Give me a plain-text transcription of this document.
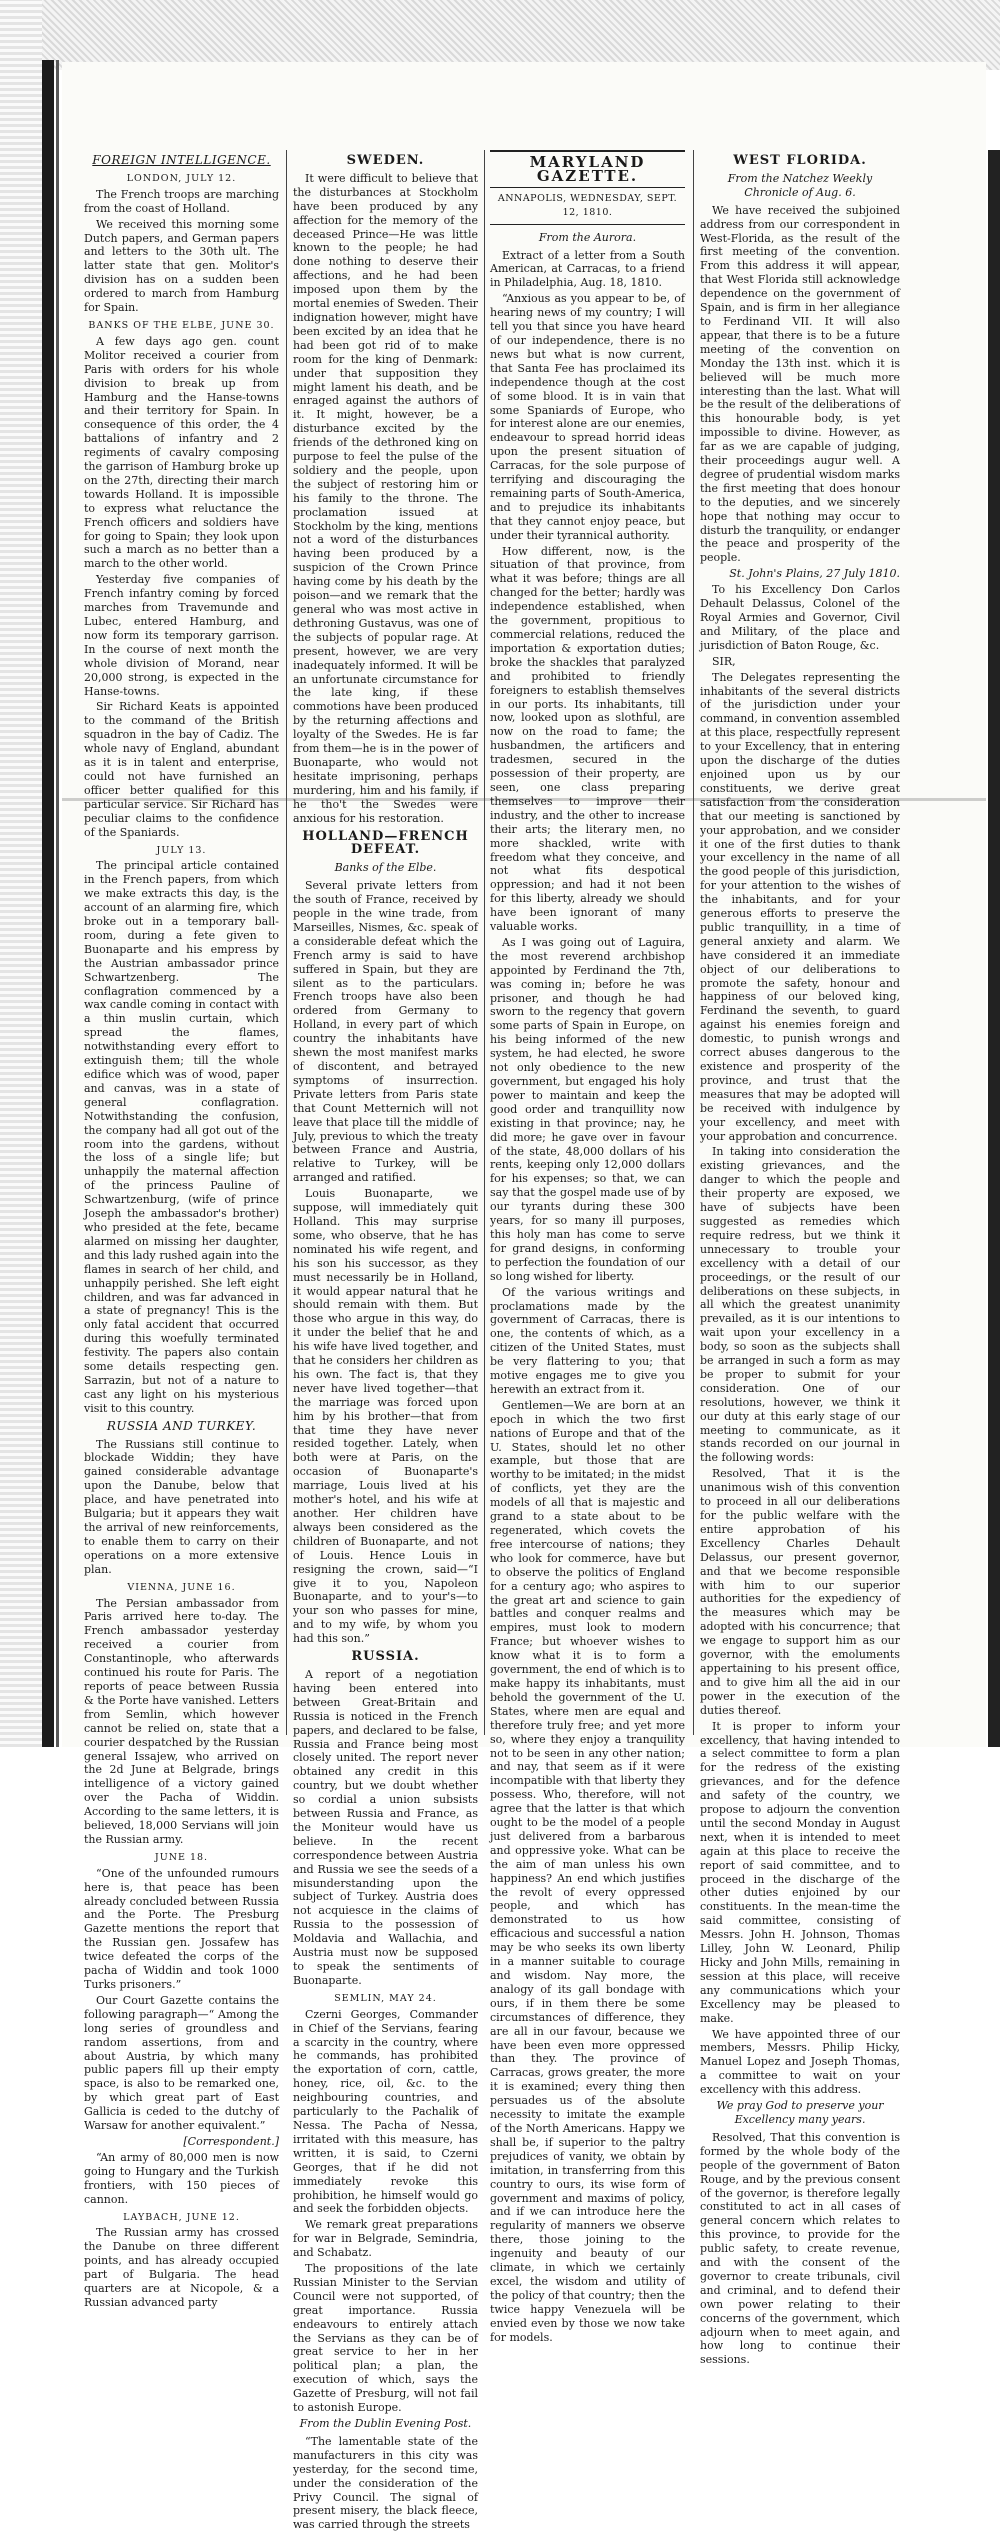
FOREIGN INTELLIGENCE.

LONDON, JULY 12.

The French troops are marching from the coast of Holland.

We received this morning some Dutch papers, and German papers and letters to the 30th ult. The latter state that gen. Molitor's division has on a sudden been ordered to march from Hamburg for Spain.

BANKS OF THE ELBE, JUNE 30.

A few days ago gen. count Molitor received a courier from Paris with orders for his whole division to break up from Hamburg and the Hanse-towns and their territory for Spain. In consequence of this order, the 4 battalions of infantry and 2 regiments of cavalry composing the garrison of Hamburg broke up on the 27th, directing their march towards Holland. It is impossible to express what reluctance the French officers and soldiers have for going to Spain; they look upon such a march as no better than a march to the other world.

Yesterday five companies of French infantry coming by forced marches from Travemunde and Lubec, entered Hamburg, and now form its temporary garrison. In the course of next month the whole division of Morand, near 20,000 strong, is expected in the Hanse-towns.

Sir Richard Keats is appointed to the command of the British squadron in the bay of Cadiz. The whole navy of England, abundant as it is in talent and enterprise, could not have furnished an officer better qualified for this particular service. Sir Richard has peculiar claims to the confidence of the Spaniards.

JULY 13.

The principal article contained in the French papers, from which we make extracts this day, is the account of an alarming fire, which broke out in a temporary ball-room, during a fete given to Buonaparte and his empress by the Austrian ambassador prince Schwartzenberg. The conflagration commenced by a wax candle coming in contact with a thin muslin curtain, which spread the flames, notwithstanding every effort to extinguish them; till the whole edifice which was of wood, paper and canvas, was in a state of general conflagration. Notwithstanding the confusion, the company had all got out of the room into the gardens, without the loss of a single life; but unhappily the maternal affection of the princess Pauline of Schwartzenburg, (wife of prince Joseph the ambassador's brother) who presided at the fete, became alarmed on missing her daughter, and this lady rushed again into the flames in search of her child, and unhappily perished. She left eight children, and was far advanced in a state of pregnancy! This is the only fatal accident that occurred during this woefully terminated festivity. The papers also contain some details respecting gen. Sarrazin, but not of a nature to cast any light on his mysterious visit to this country.

RUSSIA AND TURKEY.

The Russians still continue to blockade Widdin; they have gained considerable advantage upon the Danube, below that place, and have penetrated into Bulgaria; but it appears they wait the arrival of new reinforcements, to enable them to carry on their operations on a more extensive plan.

VIENNA, JUNE 16.

The Persian ambassador from Paris arrived here to-day. The French ambassador yesterday received a courier from Constantinople, who afterwards continued his route for Paris. The reports of peace between Russia & the Porte have vanished. Letters from Semlin, which however cannot be relied on, state that a courier despatched by the Russian general Issajew, who arrived on the 2d June at Belgrade, brings intelligence of a victory gained over the Pacha of Widdin. According to the same letters, it is believed, 18,000 Servians will join the Russian army.

JUNE 18.

“One of the unfounded rumours here is, that peace has been already concluded between Russia and the Porte. The Presburg Gazette mentions the report that the Russian gen. Jossafew has twice defeated the corps of the pacha of Widdin and took 1000 Turks prisoners.”

Our Court Gazette contains the following paragraph—“ Among the long series of groundless and random assertions, from and about Austria, by which many public papers fill up their empty space, is also to be remarked one, by which great part of East Gallicia is ceded to the dutchy of Warsaw for another equivalent.”

[Correspondent.]

“An army of 80,000 men is now going to Hungary and the Turkish frontiers, with 150 pieces of cannon.

LAYBACH, JUNE 12.

The Russian army has crossed the Danube on three different points, and has already occupied part of Bulgaria. The head quarters are at Nicopole, & a Russian advanced party

SWEDEN.

It were difficult to believe that the disturbances at Stockholm have been produced by any affection for the memory of the deceased Prince—He was little known to the people; he had done nothing to deserve their affections, and he had been imposed upon them by the mortal enemies of Sweden. Their indignation however, might have been excited by an idea that he had been got rid of to make room for the king of Denmark: under that supposition they might lament his death, and be enraged against the authors of it. It might, however, be a disturbance excited by the friends of the dethroned king on purpose to feel the pulse of the soldiery and the people, upon the subject of restoring him or his family to the throne. The proclamation issued at Stockholm by the king, mentions not a word of the disturbances having been produced by a suspicion of the Crown Prince having come by his death by the poison—and we remark that the general who was most active in dethroning Gustavus, was one of the subjects of popular rage. At present, however, we are very inadequately informed. It will be an unfortunate circumstance for the late king, if these commotions have been produced by the returning affections and loyalty of the Swedes. He is far from them—he is in the power of Buonaparte, who would not hesitate imprisoning, perhaps murdering, him and his family, if he tho't the Swedes were anxious for his restoration.

HOLLAND—FRENCH DEFEAT.

Banks of the Elbe.

Several private letters from the south of France, received by people in the wine trade, from Marseilles, Nismes, &c. speak of a considerable defeat which the French army is said to have suffered in Spain, but they are silent as to the particulars. French troops have also been ordered from Germany to Holland, in every part of which country the inhabitants have shewn the most manifest marks of discontent, and betrayed symptoms of insurrection. Private letters from Paris state that Count Metternich will not leave that place till the middle of July, previous to which the treaty between France and Austria, relative to Turkey, will be arranged and ratified.

Louis Buonaparte, we suppose, will immediately quit Holland. This may surprise some, who observe, that he has nominated his wife regent, and his son his successor, as they must necessarily be in Holland, it would appear natural that he should remain with them. But those who argue in this way, do it under the belief that he and his wife have lived together, and that he considers her children as his own. The fact is, that they never have lived together—that the marriage was forced upon him by his brother—that from that time they have never resided together. Lately, when both were at Paris, on the occasion of Buonaparte's marriage, Louis lived at his mother's hotel, and his wife at another. Her children have always been considered as the children of Buonaparte, and not of Louis. Hence Louis in resigning the crown, said—“I give it to you, Napoleon Buonaparte, and to your's—to your son who passes for mine, and to my wife, by whom you had this son.”

RUSSIA.

A report of a negotiation having been entered into between Great-Britain and Russia is noticed in the French papers, and declared to be false, Russia and France being most closely united. The report never obtained any credit in this country, but we doubt whether so cordial a union subsists between Russia and France, as the Moniteur would have us believe. In the recent correspondence between Austria and Russia we see the seeds of a misunderstanding upon the subject of Turkey. Austria does not acquiesce in the claims of Russia to the possession of Moldavia and Wallachia, and Austria must now be supposed to speak the sentiments of Buonaparte.

SEMLIN, MAY 24.

Czerni Georges, Commander in Chief of the Servians, fearing a scarcity in the country, where he commands, has prohibited the exportation of corn, cattle, honey, rice, oil, &c. to the neighbouring countries, and particularly to the Pachalik of Nessa. The Pacha of Nessa, irritated with this measure, has written, it is said, to Czerni Georges, that if he did not immediately revoke this prohibition, he himself would go and seek the forbidden objects.

We remark great preparations for war in Belgrade, Semindria, and Schabatz.

The propositions of the late Russian Minister to the Servian Council were not supported, of great importance. Russia endeavours to entirely attach the Servians as they can be of great service to her in her political plan; a plan, the execution of which, says the Gazette of Presburg, will not fail to astonish Europe.

From the Dublin Evening Post.

“The lamentable state of the manufacturers in this city was yesterday, for the second time, under the consideration of the Privy Council. The signal of present misery, the black fleece, was carried through the streets

MARYLAND GAZETTE.

ANNAPOLIS, WEDNESDAY, SEPT. 12, 1810.

From the Aurora.

Extract of a letter from a South American, at Carracas, to a friend in Philadelphia, Aug. 18, 1810.

“Anxious as you appear to be, of hearing news of my country; I will tell you that since you have heard of our independence, there is no news but what is now current, that Santa Fee has proclaimed its independence though at the cost of some blood. It is in vain that some Spaniards of Europe, who for interest alone are our enemies, endeavour to spread horrid ideas upon the present situation of Carracas, for the sole purpose of terrifying and discouraging the remaining parts of South-America, and to prejudice its inhabitants that they cannot enjoy peace, but under their tyrannical authority.

How different, now, is the situation of that province, from what it was before; things are all changed for the better; hardly was independence established, when the government, propitious to commercial relations, reduced the importation & exportation duties; broke the shackles that paralyzed and prohibited to friendly foreigners to establish themselves in our ports. Its inhabitants, till now, looked upon as slothful, are now on the road to fame; the husbandmen, the artificers and tradesmen, secured in the possession of their property, are seen, one class preparing themselves to improve their industry, and the other to increase their arts; the literary men, no more shackled, write with freedom what they conceive, and not what fits despotical oppression; and had it not been for this liberty, already we should have been ignorant of many valuable works.

As I was going out of Laguira, the most reverend archbishop appointed by Ferdinand the 7th, was coming in; before he was prisoner, and though he had sworn to the regency that govern some parts of Spain in Europe, on his being informed of the new system, he had elected, he swore not only obedience to the new government, but engaged his holy power to maintain and keep the good order and tranquillity now existing in that province; nay, he did more; he gave over in favour of the state, 48,000 dollars of his rents, keeping only 12,000 dollars for his expenses; so that, we can say that the gospel made use of by our tyrants during these 300 years, for so many ill purposes, this holy man has come to serve for grand designs, in conforming to perfection the foundation of our so long wished for liberty.

Of the various writings and proclamations made by the government of Carracas, there is one, the contents of which, as a citizen of the United States, must be very flattering to you; that motive engages me to give you herewith an extract from it.

Gentlemen—We are born at an epoch in which the two first nations of Europe and that of the U. States, should let no other example, but those that are worthy to be imitated; in the midst of conflicts, yet they are the models of all that is majestic and grand to a state about to be regenerated, which covets the free intercourse of nations; they who look for commerce, have but to observe the politics of England for a century ago; who aspires to the great art and science to gain battles and conquer realms and empires, must look to modern France; but whoever wishes to know what it is to form a government, the end of which is to make happy its inhabitants, must behold the government of the U. States, where men are equal and therefore truly free; and yet more so, where they enjoy a tranquility not to be seen in any other nation; and nay, that seem as if it were incompatible with that liberty they possess. Who, therefore, will not agree that the latter is that which ought to be the model of a people just delivered from a barbarous and oppressive yoke. What can be the aim of man unless his own happiness? An end which justifies the revolt of every oppressed people, and which has demonstrated to us how efficacious and successful a nation may be who seeks its own liberty in a manner suitable to courage and wisdom. Nay more, the analogy of its gall bondage with ours, if in them there be some circumstances of difference, they are all in our favour, because we have been even more oppressed than they. The province of Carracas, grows greater, the more it is examined; every thing then persuades us of the absolute necessity to imitate the example of the North Americans. Happy we shall be, if superior to the paltry prejudices of vanity, we obtain by imitation, in transferring from this country to ours, its wise form of government and maxims of policy, and if we can introduce here the regularity of manners we observe there, those joining to the ingenuity and beauty of our climate, in which we certainly excel, the wisdom and utility of the policy of that country; then the twice happy Venezuela will be envied even by those we now take for models.

WEST FLORIDA.

From the Natchez Weekly Chronicle of Aug. 6.

We have received the subjoined address from our correspondent in West-Florida, as the result of the first meeting of the convention. From this address it will appear, that West Florida still acknowledge dependence on the government of Spain, and is firm in her allegiance to Ferdinand VII. It will also appear, that there is to be a future meeting of the convention on Monday the 13th inst. which it is believed will be much more interesting than the last. What will be the result of the deliberations of this honourable body, is yet impossible to divine. However, as far as we are capable of judging, their proceedings augur well. A degree of prudential wisdom marks the first meeting that does honour to the deputies, and we sincerely hope that nothing may occur to disturb the tranquility, or endanger the peace and prosperity of the people.

St. John's Plains, 27 July 1810.

To his Excellency Don Carlos Dehault Delassus, Colonel of the Royal Armies and Governor, Civil and Military, of the place and jurisdiction of Baton Rouge, &c.

SIR,

The Delegates representing the inhabitants of the several districts of the jurisdiction under your command, in convention assembled at this place, respectfully represent to your Excellency, that in entering upon the discharge of the duties enjoined upon us by our constituents, we derive great satisfaction from the consideration that our meeting is sanctioned by your approbation, and we consider it one of the first duties to thank your excellency in the name of all the good people of this jurisdiction, for your attention to the wishes of the inhabitants, and for your generous efforts to preserve the public tranquillity, in a time of general anxiety and alarm. We have considered it an immediate object of our deliberations to promote the safety, honour and happiness of our beloved king, Ferdinand the seventh, to guard against his enemies foreign and domestic, to punish wrongs and correct abuses dangerous to the existence and prosperity of the province, and trust that the measures that may be adopted will be received with indulgence by your excellency, and meet with your approbation and concurrence.

In taking into consideration the existing grievances, and the danger to which the people and their property are exposed, we have of subjects have been suggested as remedies which require redress, but we think it unnecessary to trouble your excellency with a detail of our proceedings, or the result of our deliberations on these subjects, in all which the greatest unanimity prevailed, as it is our intentions to wait upon your excellency in a body, so soon as the subjects shall be arranged in such a form as may be proper to submit for your consideration. One of our resolutions, however, we think it our duty at this early stage of our meeting to communicate, as it stands recorded on our journal in the following words:

Resolved, That it is the unanimous wish of this convention to proceed in all our deliberations for the public welfare with the entire approbation of his Excellency Charles Dehault Delassus, our present governor, and that we become responsible with him to our superior authorities for the expediency of the measures which may be adopted with his concurrence; that we engage to support him as our governor, with the emoluments appertaining to his present office, and to give him all the aid in our power in the execution of the duties thereof.

It is proper to inform your excellency, that having intended to a select committee to form a plan for the redress of the existing grievances, and for the defence and safety of the country, we propose to adjourn the convention until the second Monday in August next, when it is intended to meet again at this place to receive the report of said committee, and to proceed in the discharge of the other duties enjoined by our constituents. In the mean-time the said committee, consisting of Messrs. John H. Johnson, Thomas Lilley, John W. Leonard, Philip Hicky and John Mills, remaining in session at this place, will receive any communications which your Excellency may be pleased to make.

We have appointed three of our members, Messrs. Philip Hicky, Manuel Lopez and Joseph Thomas, a committee to wait on your excellency with this address.

We pray God to preserve your Excellency many years.

Resolved, That this convention is formed by the whole body of the people of the government of Baton Rouge, and by the previous consent of the governor, is therefore legally constituted to act in all cases of general concern which relates to this province, to provide for the public safety, to create revenue, and with the consent of the governor to create tribunals, civil and criminal, and to defend their own power relating to their concerns of the government, which adjourn when to meet again, and how long to continue their sessions.
